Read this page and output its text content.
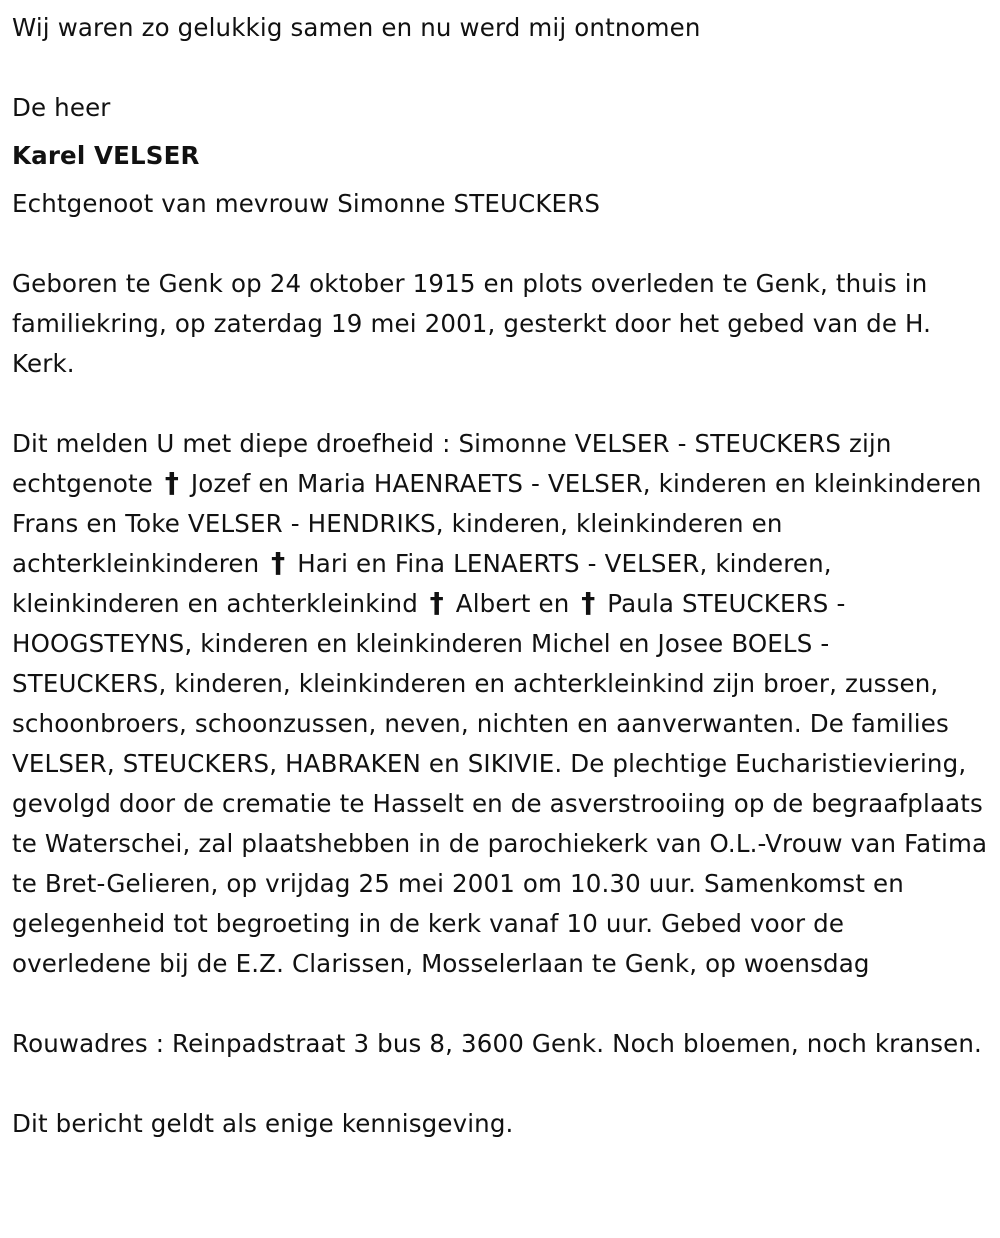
Wij waren zo gelukkig samen en nu werd mij ontnomen

De heer

Karel VELSER

Echtgenoot van mevrouw Simonne STEUCKERS

Geboren te Genk op 24 oktober 1915 en plots overleden te Genk, thuis in familiekring, op zaterdag 19 mei 2001, gesterkt door het gebed van de H. Kerk.

Dit melden U met diepe droefheid : Simonne VELSER - STEUCKERS zijn echtgenote † Jozef en Maria HAENRAETS - VELSER, kinderen en kleinkinderen Frans en Toke VELSER - HENDRIKS, kinderen, kleinkinderen en achterkleinkinderen † Hari en Fina LENAERTS - VELSER, kinderen, kleinkinderen en achterkleinkind † Albert en † Paula STEUCKERS - HOOGSTEYNS, kinderen en kleinkinderen Michel en Josee BOELS - STEUCKERS, kinderen, kleinkinderen en achterkleinkind zijn broer, zussen, schoonbroers, schoonzussen, neven, nichten en aanverwanten. De families VELSER, STEUCKERS, HABRAKEN en SIKIVIE. De plechtige Eucharistieviering, gevolgd door de crematie te Hasselt en de asverstrooiing op de begraafplaats te Waterschei, zal plaatshebben in de parochiekerk van O.L.-Vrouw van Fatima te Bret-Gelieren, op vrijdag 25 mei 2001 om 10.30 uur. Samenkomst en gelegenheid tot begroeting in de kerk vanaf 10 uur. Gebed voor de overledene bij de E.Z. Clarissen, Mosselerlaan te Genk, op woensdag

Rouwadres : Reinpadstraat 3 bus 8, 3600 Genk. Noch bloemen, noch kransen.

Dit bericht geldt als enige kennisgeving.
